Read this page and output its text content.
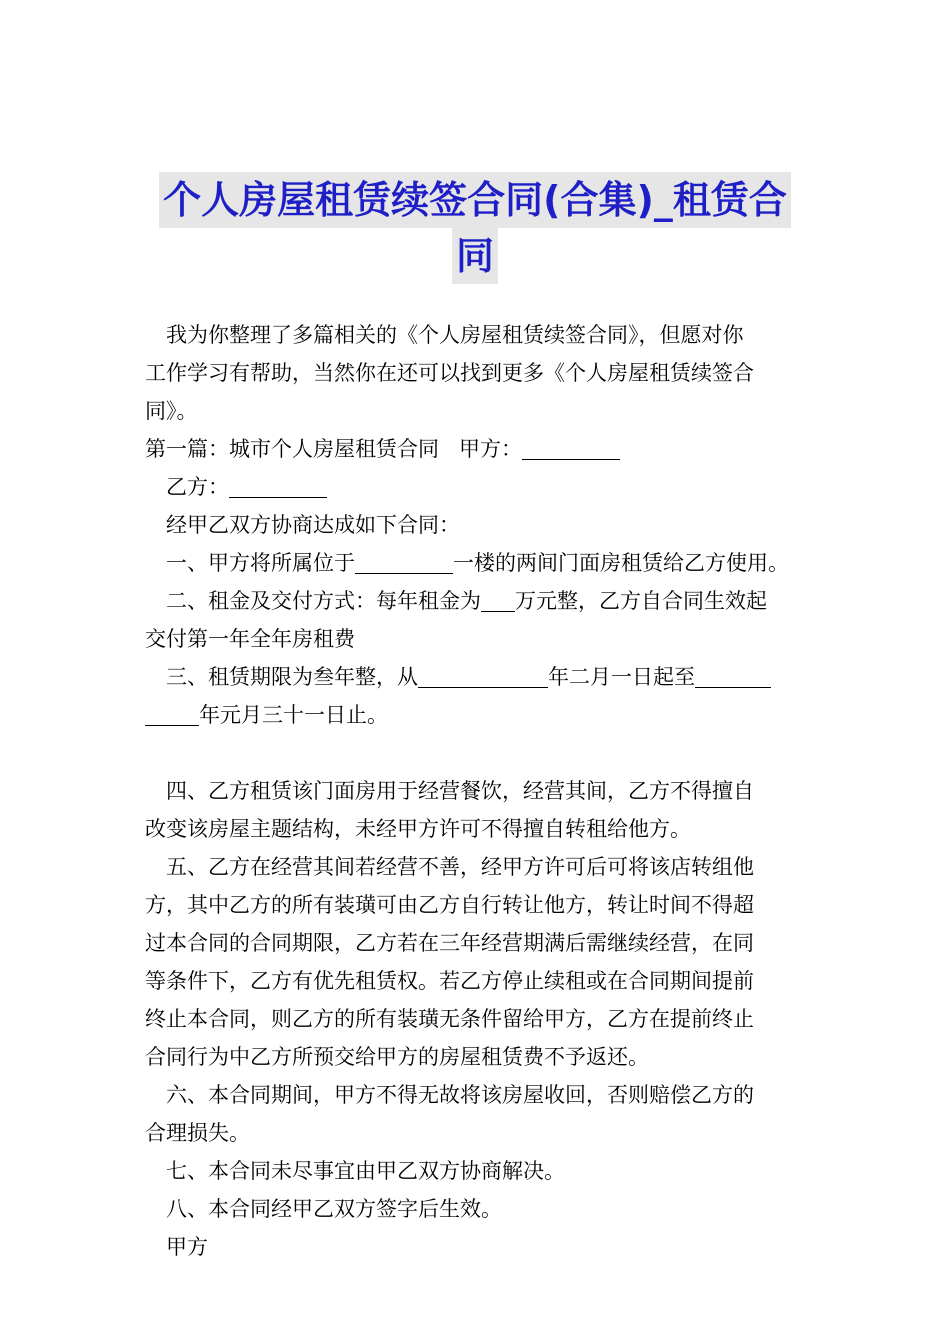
个人房屋租赁续签合同(合集)_租赁合
同
我为你整理了多篇相关的《个人房屋租赁续签合同》，但愿对你
工作学习有帮助，当然你在还可以找到更多《个人房屋租赁续签合
同》。
第一篇：城市个人房屋租赁合同 甲方：
乙方：
经甲乙双方协商达成如下合同：
一、甲方将所属位于	一楼的两间门面房租赁给乙方使用。
二、租金及交付方式：每年租金为 万元整，乙方自合同生效起
交付第一年全年房租费
三、租赁期限为叁年整，从	年二月一日起至
年元月三十一日止。
四、乙方租赁该门面房用于经营餐饮，经营其间，乙方不得擅自
改变该房屋主题结构，未经甲方许可不得擅自转租给他方。
五、乙方在经营其间若经营不善，经甲方许可后可将该店转组他
方，其中乙方的所有装璜可由乙方自行转让他方，转让时间不得超
过本合同的合同期限，乙方若在三年经营期满后需继续经营，在同
等条件下，乙方有优先租赁权。若乙方停止续租或在合同期间提前
终止本合同，则乙方的所有装璜无条件留给甲方，乙方在提前终止
合同行为中乙方所预交给甲方的房屋租赁费不予返还。
六、本合同期间，甲方不得无故将该房屋收回，否则赔偿乙方的
合理损失。
七、本合同未尽事宜由甲乙双方协商解决。
八、本合同经甲乙双方签字后生效。
甲方
